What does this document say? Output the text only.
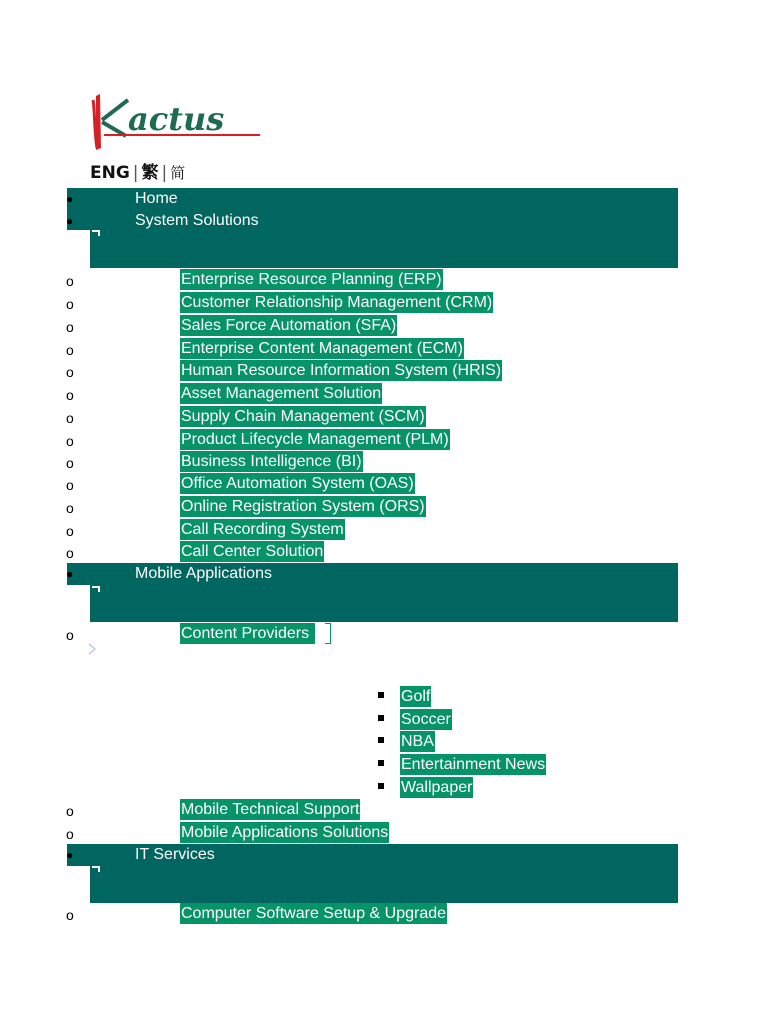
actus
ENG | 繁 | 简
●
●
Home
System Solutions
o	Enterprise Resource Planning (ERP)
o	Customer Relationship Management (CRM)
o	Sales Force Automation (SFA)
o	Enterprise Content Management (ECM)
o	Human Resource Information System (HRIS)
o	Asset Management Solution
o	Supply Chain Management (SCM)
o	Product Lifecycle Management (PLM)
o	Business Intelligence (BI)
o	Office Automation System (OAS)
o	Online Registration System (ORS)
o	Call Recording System
o	Call Center Solution
●	Mobile Applications
o	Content Providers
Golf
Soccer
NBA
Entertainment News
Wallpaper
o	Mobile Technical Support
o	Mobile Applications Solutions
●	IT Services
o	Computer Software Setup & Upgrade
